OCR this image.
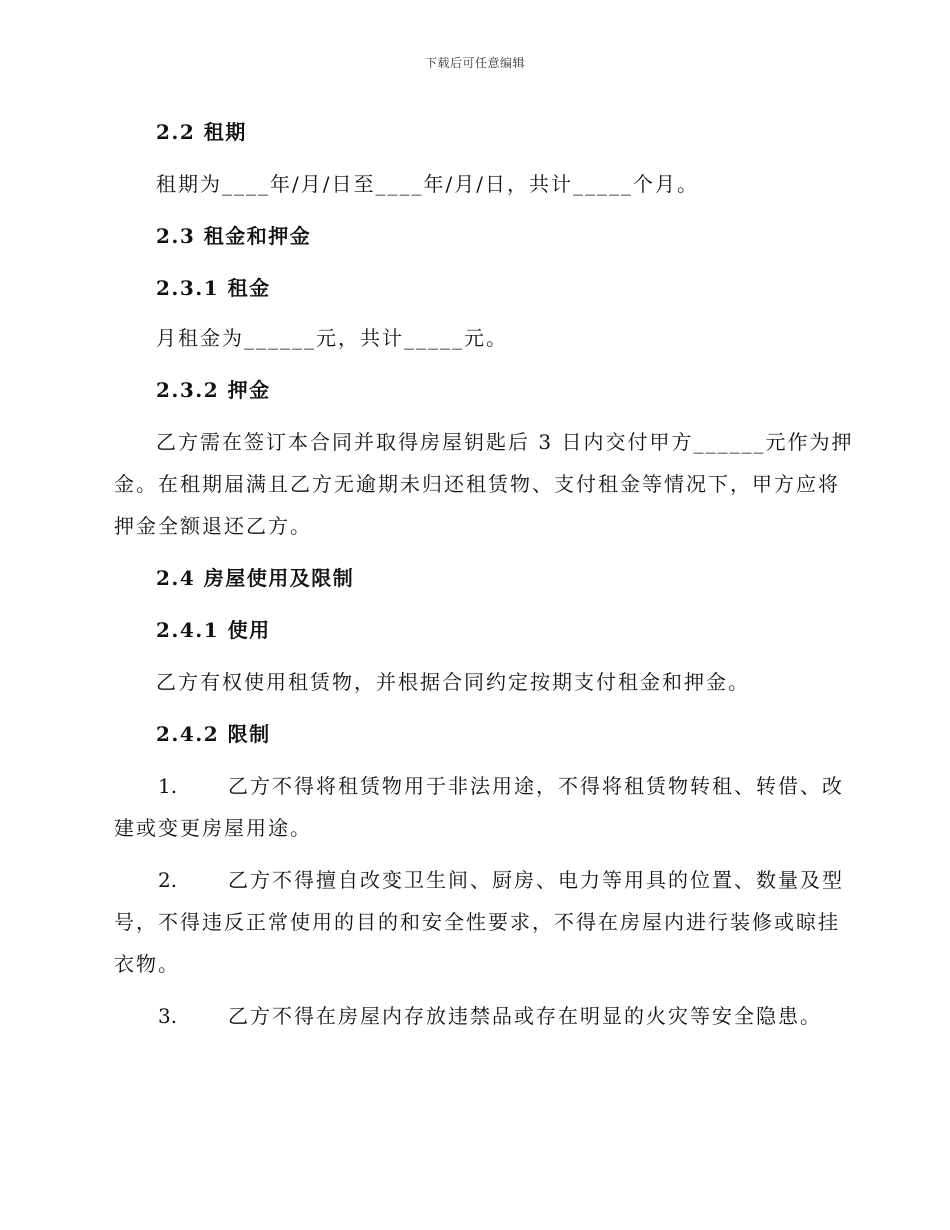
下载后可任意编辑
2.2 租期
租期为____年/月/日至____年/月/日，共计_____个月。
2.3 租金和押金
2.3.1 租金
月租金为______元，共计_____元。
2.3.2 押金
乙方需在签订本合同并取得房屋钥匙后 3 日内交付甲方______元作为押
金。在租期届满且乙方无逾期未归还租赁物、支付租金等情况下，甲方应将
押金全额退还乙方。
2.4 房屋使用及限制
2.4.1 使用
乙方有权使用租赁物，并根据合同约定按期支付租金和押金。
2.4.2 限制
1.	乙方不得将租赁物用于非法用途，不得将租赁物转租、转借、改
建或变更房屋用途。
2.	乙方不得擅自改变卫生间、厨房、电力等用具的位置、数量及型
号，不得违反正常使用的目的和安全性要求，不得在房屋内进行装修或晾挂
衣物。
3.	乙方不得在房屋内存放违禁品或存在明显的火灾等安全隐患。
